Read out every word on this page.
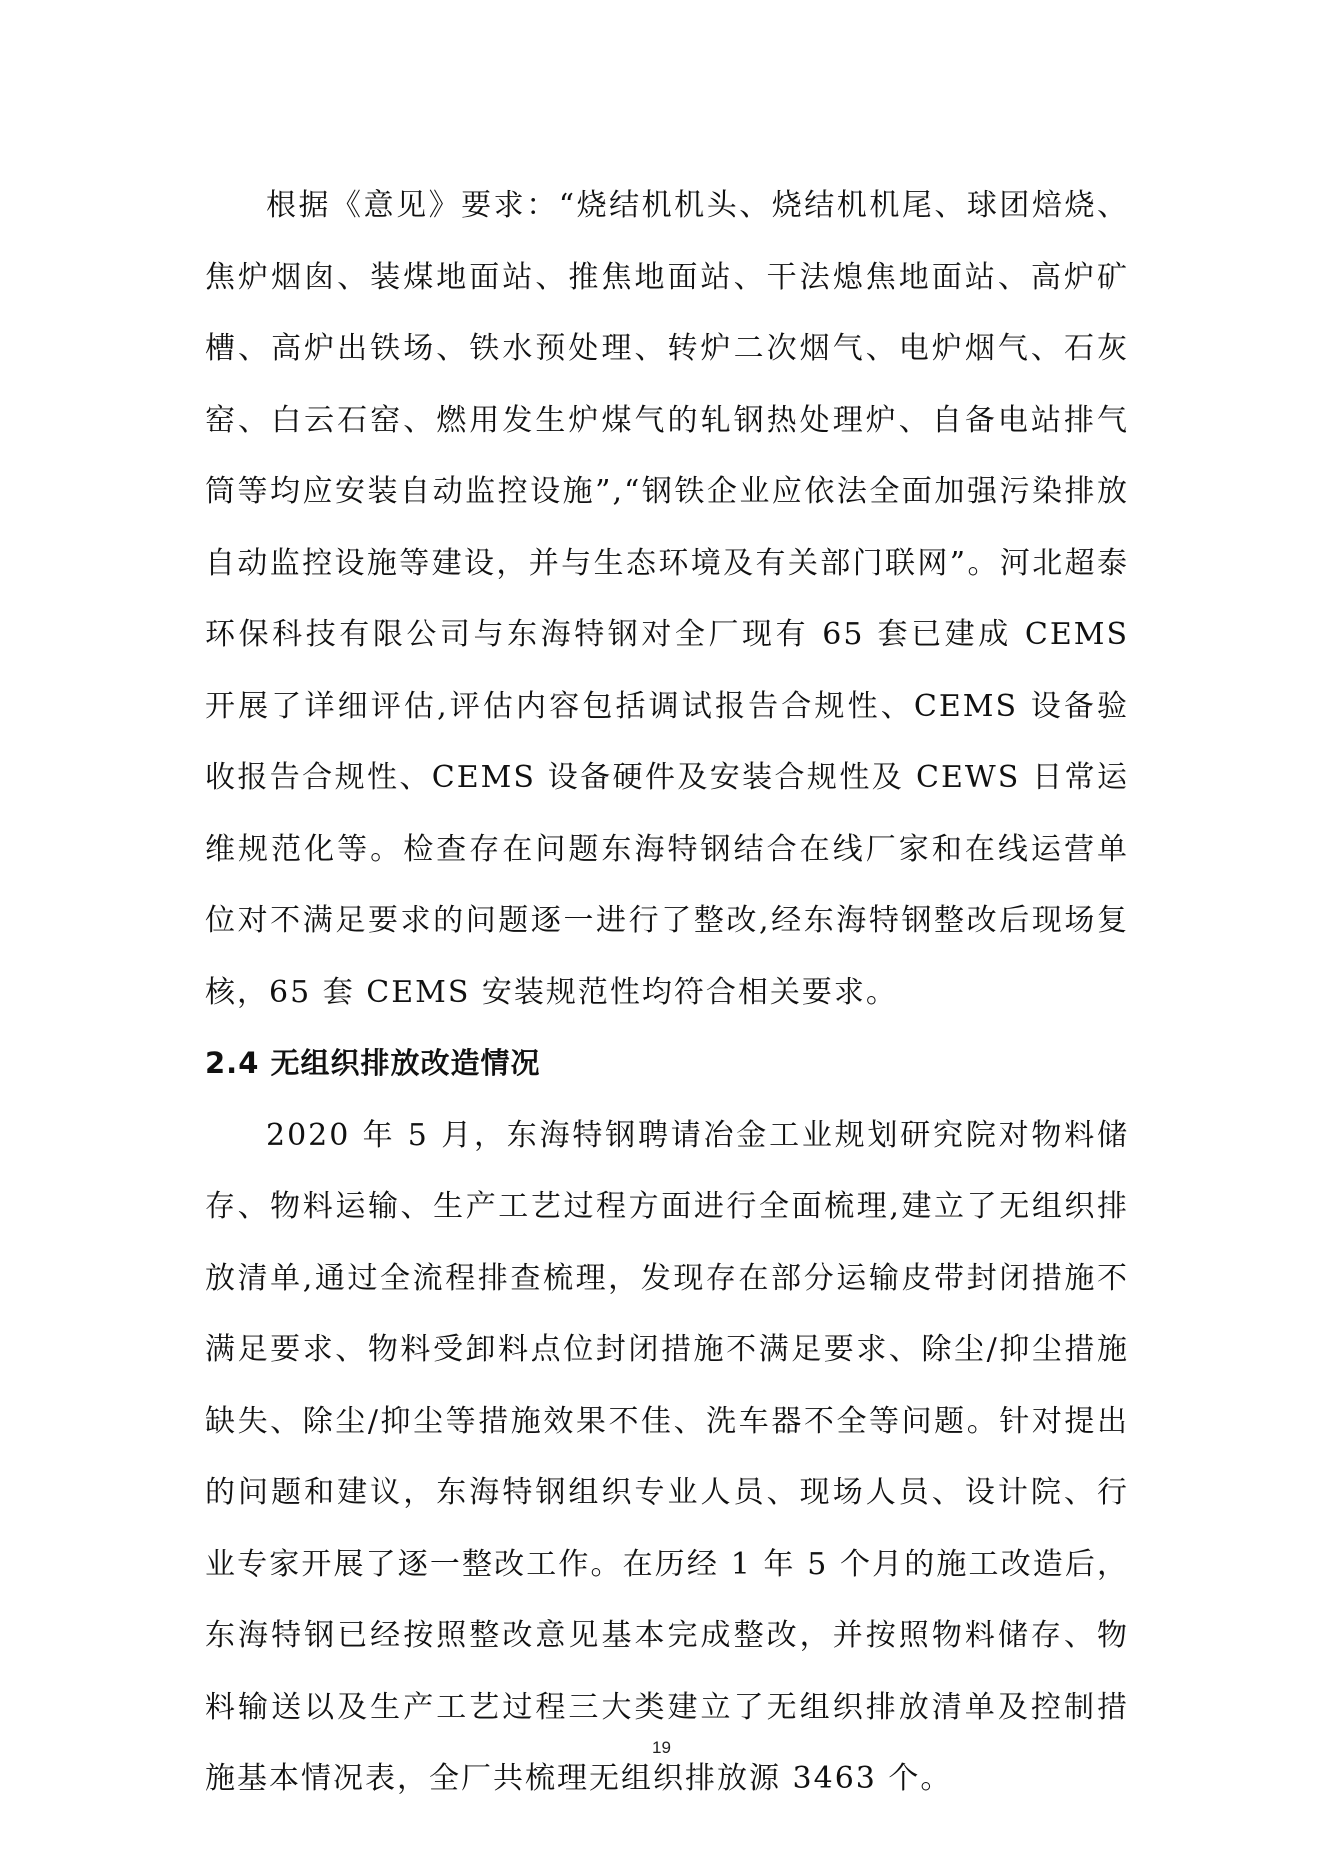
根据《意见》要求：“烧结机机头、烧结机机尾、球团焙烧、焦炉烟囱、装煤地面站、推焦地面站、干法熄焦地面站、高炉矿槽、高炉出铁场、铁水预处理、转炉二次烟气、电炉烟气、石灰窑、白云石窑、燃用发生炉煤气的轧钢热处理炉、自备电站排气筒等均应安装自动监控设施”,“钢铁企业应依法全面加强污染排放自动监控设施等建设，并与生态环境及有关部门联网”。河北超泰环保科技有限公司与东海特钢对全厂现有 65 套已建成 CEMS 开展了详细评估,评估内容包括调试报告合规性、CEMS 设备验收报告合规性、CEMS 设备硬件及安装合规性及 CEWS 日常运维规范化等。检查存在问题东海特钢结合在线厂家和在线运营单位对不满足要求的问题逐一进行了整改,经东海特钢整改后现场复核，65 套 CEMS 安装规范性均符合相关要求。

2.4 无组织排放改造情况

2020 年 5 月，东海特钢聘请冶金工业规划研究院对物料储存、物料运输、生产工艺过程方面进行全面梳理,建立了无组织排放清单,通过全流程排查梳理，发现存在部分运输皮带封闭措施不满足要求、物料受卸料点位封闭措施不满足要求、除尘/抑尘措施缺失、除尘/抑尘等措施效果不佳、洗车器不全等问题。针对提出的问题和建议，东海特钢组织专业人员、现场人员、设计院、行业专家开展了逐一整改工作。在历经 1 年 5 个月的施工改造后，东海特钢已经按照整改意见基本完成整改，并按照物料储存、物料输送以及生产工艺过程三大类建立了无组织排放清单及控制措施基本情况表，全厂共梳理无组织排放源 3463 个。

19
